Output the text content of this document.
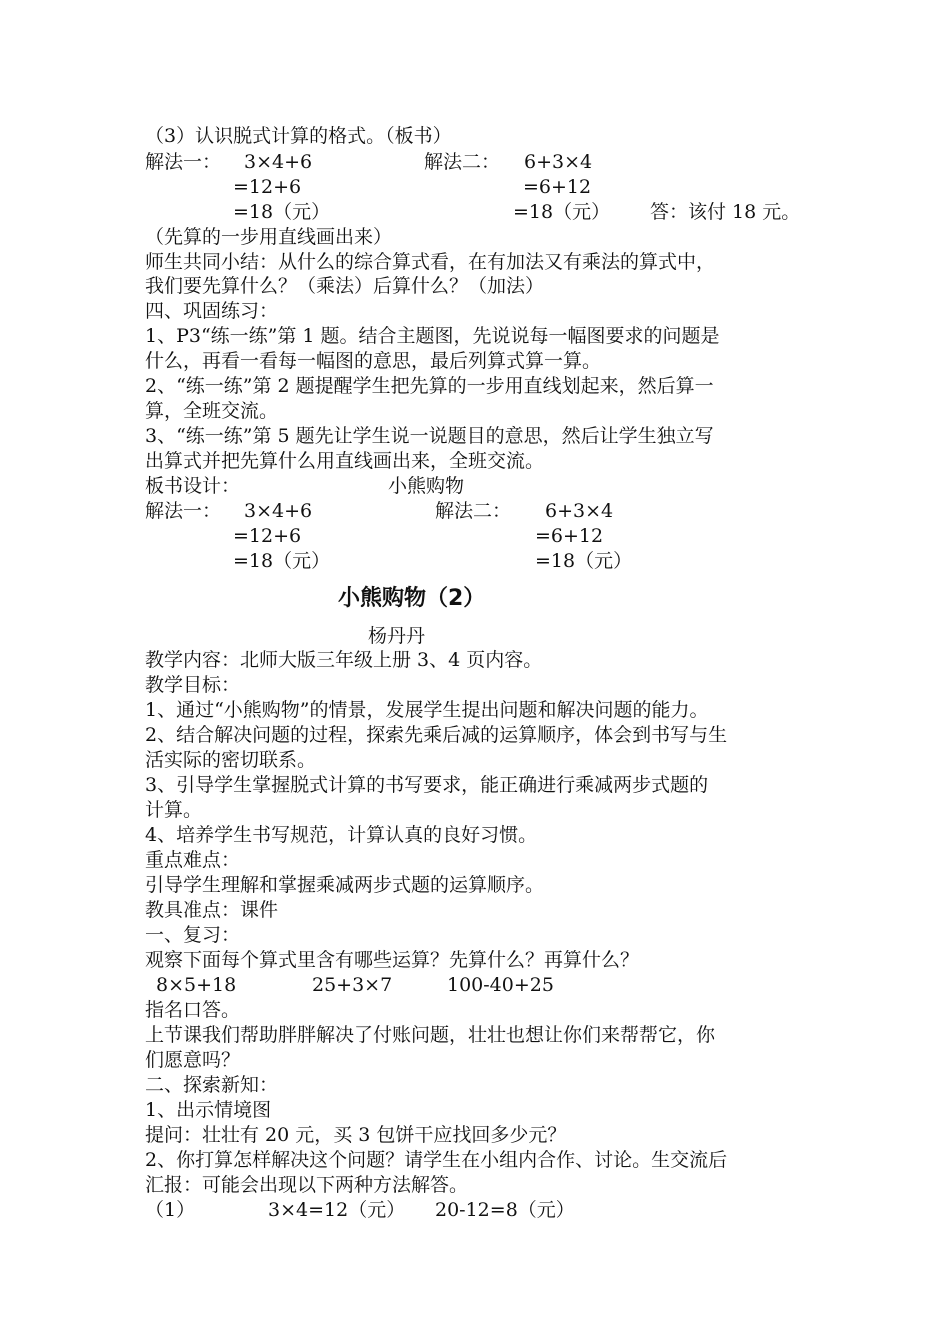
（3）认识脱式计算的格式。（板书）
解法一： 3×4+6	解法二： 6+3×4
=12+6	=6+12
=18（元）	=18（元） 答：该付 18 元。
（先算的一步用直线画出来）
师生共同小结：从什么的综合算式看，在有加法又有乘法的算式中，
我们要先算什么？（乘法）后算什么？（加法）
四、巩固练习：
1、P3“练一练”第 1 题。结合主题图，先说说每一幅图要求的问题是
什么，再看一看每一幅图的意思，最后列算式算一算。
2、“练一练”第 2 题提醒学生把先算的一步用直线划起来，然后算一
算，全班交流。
3、“练一练”第 5 题先让学生说一说题目的意思，然后让学生独立写
出算式并把先算什么用直线画出来，全班交流。
板书设计：	小熊购物
解法一： 3×4+6	解法二： 6+3×4
=12+6	=6+12
=18（元）	=18（元）
小熊购物（2）
杨丹丹
教学内容：北师大版三年级上册 3、4 页内容。
教学目标：
1、通过“小熊购物”的情景，发展学生提出问题和解决问题的能力。
2、结合解决问题的过程，探索先乘后减的运算顺序，体会到书写与生
活实际的密切联系。
3、引导学生掌握脱式计算的书写要求，能正确进行乘减两步式题的
计算。
4、培养学生书写规范，计算认真的良好习惯。
重点难点：
引导学生理解和掌握乘减两步式题的运算顺序。
教具准点：课件
一、复习：
观察下面每个算式里含有哪些运算？先算什么？再算什么？
8×5+18	25+3×7	100-40+25
指名口答。
上节课我们帮助胖胖解决了付账问题，壮壮也想让你们来帮帮它，你
们愿意吗？
二、探索新知：
1、出示情境图
提问：壮壮有 20 元，买 3 包饼干应找回多少元？
2、你打算怎样解决这个问题？请学生在小组内合作、讨论。生交流后
汇报：可能会出现以下两种方法解答。
（1）	3×4=12（元） 20-12=8（元）
